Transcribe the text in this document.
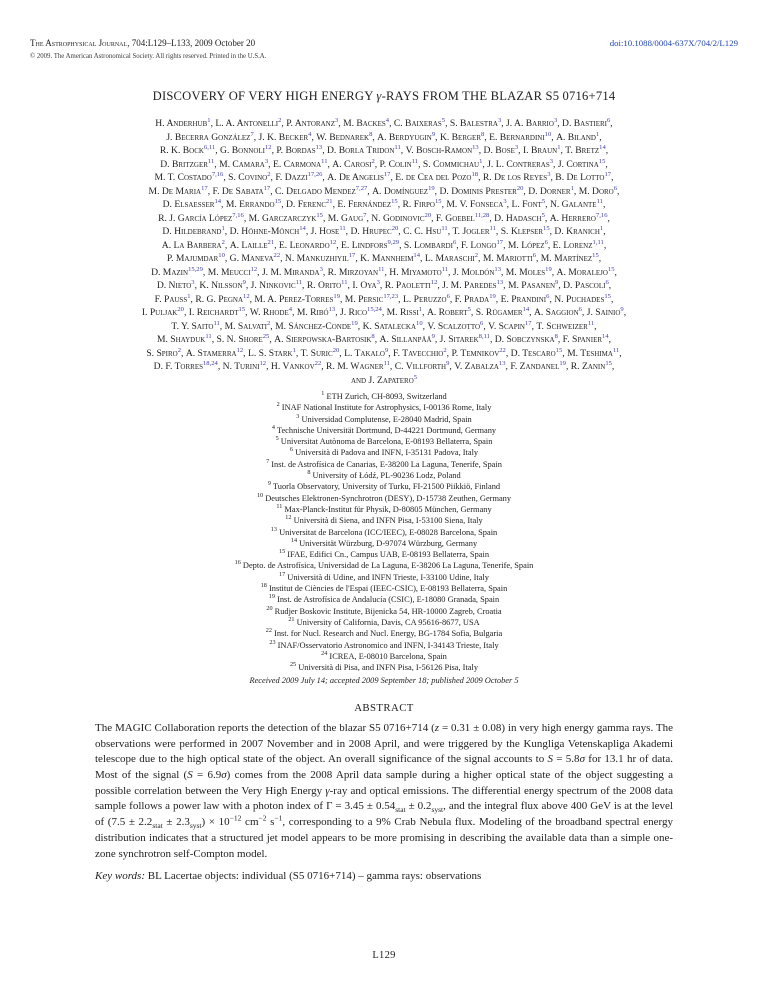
The Astrophysical Journal, 704:L129–L133, 2009 October 20
© 2009. The American Astronomical Society. All rights reserved. Printed in the U.S.A.
doi:10.1088/0004-637X/704/2/L129
DISCOVERY OF VERY HIGH ENERGY γ-RAYS FROM THE BLAZAR S5 0716+714
H. Anderhub$^1$, L. A. Antonelli$^2$, P. Antoranz$^3$, M. Backes$^4$, C. Baixeras$^5$, S. Balestra$^3$, J. A. Barrio$^3$, D. Bastieri$^6$,
J. Becerra González$^7$, J. K. Becker$^4$, W. Bednarek$^8$, A. Berdyugin$^9$, K. Berger$^8$, E. Bernardini$^{10}$, A. Biland$^1$,
R. K. Bock$^{6,11}$, G. Bonnoli$^{12}$, P. Bordas$^{13}$, D. Borla Tridon$^{11}$, V. Bosch-Ramon$^{13}$, D. Bose$^3$, I. Braun$^1$, T. Bretz$^{14}$,
D. Britzger$^{11}$, M. Camara$^3$, E. Carmona$^{11}$, A. Carosi$^2$, P. Colin$^{11}$, S. Commichau$^1$, J. L. Contreras$^3$, J. Cortina$^{15}$,
M. T. Costado$^{7,16}$, S. Covino$^2$, F. Dazzi$^{17,26}$, A. De Angelis$^{17}$, E. de Cea del Pozo$^{18}$, R. De los Reyes$^3$, B. De Lotto$^{17}$,
M. De Maria$^{17}$, F. De Sabata$^{17}$, C. Delgado Mendez$^{7,27}$, A. Domínguez$^{19}$, D. Dominis Prester$^{20}$, D. Dorner$^1$, M. Doro$^6$,
D. Elsaesser$^{14}$, M. Errando$^{15}$, D. Ferenc$^{21}$, E. Fernández$^{15}$, R. Firpo$^{15}$, M. V. Fonseca$^3$, L. Font$^5$, N. Galante$^{11}$,
R. J. García López$^{7,16}$, M. Garczarczyk$^{15}$, M. Gaug$^7$, N. Godinovic$^{20}$, F. Goebel$^{11,28}$, D. Hadasch$^5$, A. Herrero$^{7,16}$,
D. Hildebrand$^1$, D. Höhne-Mönch$^{14}$, J. Hose$^{11}$, D. Hrupec$^{20}$, C. C. Hsu$^{11}$, T. Jogler$^{11}$, S. Klepser$^{15}$, D. Kranich$^1$,
A. La Barbera$^2$, A. Laille$^{21}$, E. Leonardo$^{12}$, E. Lindfors$^{9,29}$, S. Lombardi$^6$, F. Longo$^{17}$, M. López$^6$, E. Lorenz$^{1,11}$,
P. Majumdar$^{10}$, G. Maneva$^{22}$, N. Mankuzhiyil$^{17}$, K. Mannheim$^{14}$, L. Maraschi$^2$, M. Mariotti$^6$, M. Martínez$^{15}$,
D. Mazin$^{15,29}$, M. Meucci$^{12}$, J. M. Miranda$^3$, R. Mirzoyan$^{11}$, H. Miyamoto$^{11}$, J. Moldón$^{13}$, M. Moles$^{19}$, A. Moralejo$^{15}$,
D. Nieto$^3$, K. Nilsson$^9$, J. Ninkovic$^{11}$, R. Orito$^{11}$, I. Oya$^3$, R. Paoletti$^{12}$, J. M. Paredes$^{13}$, M. Pasanen$^9$, D. Pascoli$^6$,
F. Pauss$^1$, R. G. Pegna$^{12}$, M. A. Perez-Torres$^{19}$, M. Persic$^{17,23}$, L. Peruzzo$^6$, F. Prada$^{19}$, E. Prandini$^6$, N. Puchades$^{15}$,
I. Puljak$^{20}$, I. Reichardt$^{15}$, W. Rhode$^4$, M. Ribó$^{13}$, J. Rico$^{15,24}$, M. Rissi$^1$, A. Robert$^5$, S. Rügamer$^{14}$, A. Saggion$^6$, J. Sainio$^9$,
T. Y. Saito$^{11}$, M. Salvati$^2$, M. Sánchez-Conde$^{19}$, K. Satalecka$^{10}$, V. Scalzotto$^6$, V. Scapin$^{17}$, T. Schweizer$^{11}$,
M. Shayduk$^{11}$, S. N. Shore$^{25}$, A. Sierpowska-Bartosik$^8$, A. Sillanpää$^9$, J. Sitarek$^{8,11}$, D. Sobczynska$^8$, F. Spanier$^{14}$,
S. Spiro$^2$, A. Stamerra$^{12}$, L. S. Stark$^1$, T. Suric$^{20}$, L. Takalo$^9$, F. Tavecchio$^2$, P. Temnikov$^{22}$, D. Tescaro$^{15}$, M. Teshima$^{11}$,
D. F. Torres$^{18,24}$, N. Turini$^{12}$, H. Vankov$^{22}$, R. M. Wagner$^{11}$, C. Villforth$^9$, V. Zabalza$^{13}$, F. Zandanel$^{19}$, R. Zanin$^{15}$,
and J. Zapatero$^5$
$^1$ ETH Zurich, CH-8093, Switzerland
$^2$ INAF National Institute for Astrophysics, I-00136 Rome, Italy
$^3$ Universidad Complutense, E-28040 Madrid, Spain
$^4$ Technische Universität Dortmund, D-44221 Dortmund, Germany
$^5$ Universitat Autònoma de Barcelona, E-08193 Bellaterra, Spain
$^6$ Università di Padova and INFN, I-35131 Padova, Italy
$^7$ Inst. de Astrofísica de Canarias, E-38200 La Laguna, Tenerife, Spain
$^8$ University of Łódź, PL-90236 Lodz, Poland
$^9$ Tuorla Observatory, University of Turku, FI-21500 Piikkiö, Finland
$^{10}$ Deutsches Elektronen-Synchrotron (DESY), D-15738 Zeuthen, Germany
$^{11}$ Max-Planck-Institut für Physik, D-80805 München, Germany
$^{12}$ Università di Siena, and INFN Pisa, I-53100 Siena, Italy
$^{13}$ Universitat de Barcelona (ICC/IEEC), E-08028 Barcelona, Spain
$^{14}$ Universität Würzburg, D-97074 Würzburg, Germany
$^{15}$ IFAE, Edifici Cn., Campus UAB, E-08193 Bellaterra, Spain
$^{16}$ Depto. de Astrofísica, Universidad de La Laguna, E-38206 La Laguna, Tenerife, Spain
$^{17}$ Università di Udine, and INFN Trieste, I-33100 Udine, Italy
$^{18}$ Institut de Ciències de l'Espai (IEEC-CSIC), E-08193 Bellaterra, Spain
$^{19}$ Inst. de Astrofísica de Andalucía (CSIC), E-18080 Granada, Spain
$^{20}$ Rudjer Boskovic Institute, Bijenicka 54, HR-10000 Zagreb, Croatia
$^{21}$ University of California, Davis, CA 95616-8677, USA
$^{22}$ Inst. for Nucl. Research and Nucl. Energy, BG-1784 Sofia, Bulgaria
$^{23}$ INAF/Osservatorio Astronomico and INFN, I-34143 Trieste, Italy
$^{24}$ ICREA, E-08010 Barcelona, Spain
$^{25}$ Università di Pisa, and INFN Pisa, I-56126 Pisa, Italy
Received 2009 July 14; accepted 2009 September 18; published 2009 October 5
ABSTRACT
The MAGIC Collaboration reports the detection of the blazar S5 0716+714 (z = 0.31 ± 0.08) in very high energy gamma rays. The observations were performed in 2007 November and in 2008 April, and were triggered by the Kungliga Vetenskapliga Akademi telescope due to the high optical state of the object. An overall significance of the signal accounts to S = 5.8σ for 13.1 hr of data. Most of the signal (S = 6.9σ) comes from the 2008 April data sample during a higher optical state of the object suggesting a possible correlation between the Very High Energy γ-ray and optical emissions. The differential energy spectrum of the 2008 data sample follows a power law with a photon index of $\Gamma = 3.45 \pm 0.54_{stat} \pm 0.2_{syst}$, and the integral flux above 400 GeV is at the level of $(7.5 \pm 2.2_{stat} \pm 2.3_{syst}) \times 10^{-12}$ $cm^{-2}$ $s^{-1}$, corresponding to a 9% Crab Nebula flux. Modeling of the broadband spectral energy distribution indicates that a structured jet model appears to be more promising in describing the available data than a simple one-zone synchrotron self-Compton model.
Key words: BL Lacertae objects: individual (S5 0716+714) – gamma rays: observations
L129
